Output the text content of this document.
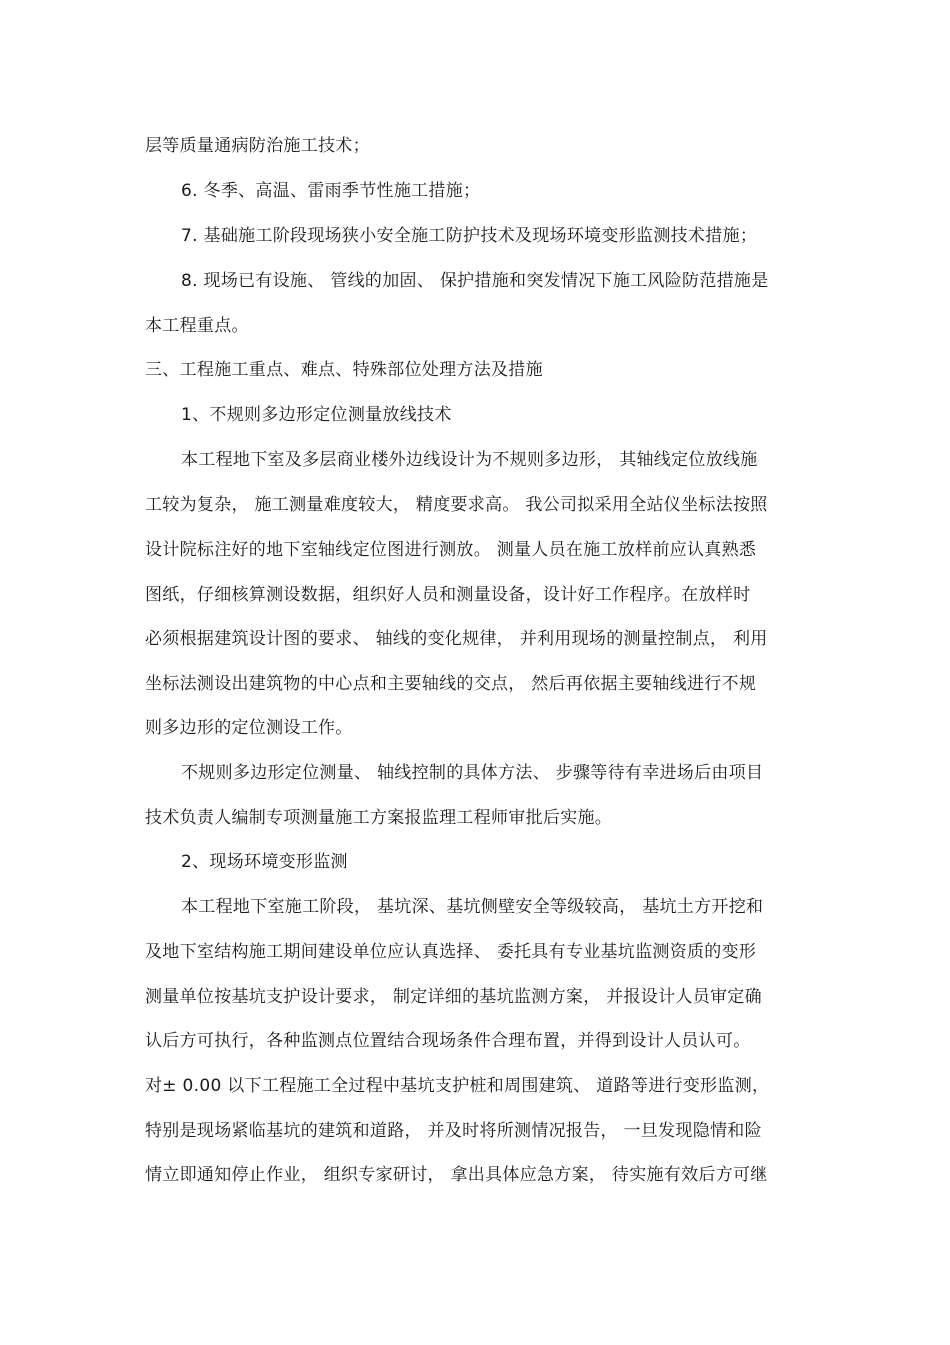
层等质量通病防治施工技术；
6. 冬季、高温、雷雨季节性施工措施；
7. 基础施工阶段现场狭小安全施工防护技术及现场环境变形监测技术措施；
8. 现场已有设施、 管线的加固、 保护措施和突发情况下施工风险防范措施是
本工程重点。
三、工程施工重点、难点、特殊部位处理方法及措施
1、不规则多边形定位测量放线技术
本工程地下室及多层商业楼外边线设计为不规则多边形， 其轴线定位放线施
工较为复杂， 施工测量难度较大， 精度要求高。 我公司拟采用全站仪坐标法按照
设计院标注好的地下室轴线定位图进行测放。 测量人员在施工放样前应认真熟悉
图纸，仔细核算测设数据，组织好人员和测量设备，设计好工作程序。在放样时
必须根据建筑设计图的要求、 轴线的变化规律， 并利用现场的测量控制点， 利用
坐标法测设出建筑物的中心点和主要轴线的交点， 然后再依据主要轴线进行不规
则多边形的定位测设工作。
不规则多边形定位测量、 轴线控制的具体方法、 步骤等待有幸进场后由项目
技术负责人编制专项测量施工方案报监理工程师审批后实施。
2、现场环境变形监测
本工程地下室施工阶段， 基坑深、基坑侧壁安全等级较高， 基坑土方开挖和
及地下室结构施工期间建设单位应认真选择、 委托具有专业基坑监测资质的变形
测量单位按基坑支护设计要求， 制定详细的基坑监测方案， 并报设计人员审定确
认后方可执行，各种监测点位置结合现场条件合理布置，并得到设计人员认可。
对± 0.00 以下工程施工全过程中基坑支护桩和周围建筑、 道路等进行变形监测，
特别是现场紧临基坑的建筑和道路， 并及时将所测情况报告， 一旦发现隐情和险
情立即通知停止作业， 组织专家研讨， 拿出具体应急方案， 待实施有效后方可继
